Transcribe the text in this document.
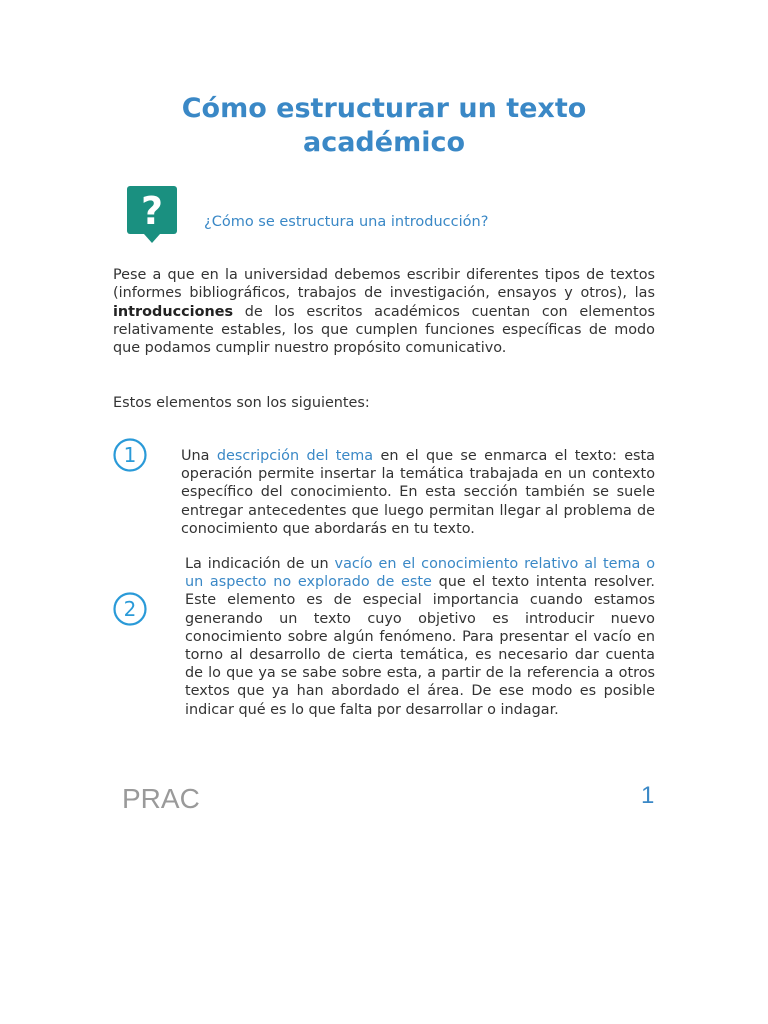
Cómo estructurar un texto académico
?	¿Cómo se estructura una introducción?

Pese a que en la universidad debemos escribir diferentes tipos de textos (informes bibliográficos, trabajos de investigación, ensayos y otros), las introducciones de los escritos académicos cuentan con elementos relativamente estables, los que cumplen funciones específicas de modo que podamos cumplir nuestro propósito comunicativo.

Estos elementos son los siguientes:

1	Una descripción del tema en el que se enmarca el texto: esta operación permite insertar la temática trabajada en un contexto específico del conocimiento. En esta sección también se suele entregar antecedentes que luego permitan llegar al problema de conocimiento que abordarás en tu texto.

2

La indicación de un vacío en el conocimiento relativo al tema o un aspecto no explorado de este que el texto intenta resolver. Este elemento es de especial importancia cuando estamos generando un texto cuyo objetivo es introducir nuevo conocimiento sobre algún fenómeno. Para presentar el vacío en torno al desarrollo de cierta temática, es necesario dar cuenta de lo que ya se sabe sobre esta, a partir de la referencia a otros textos que ya han abordado el área. De ese modo es posible indicar qué es lo que falta por desarrollar o indagar.

PRAC	1
